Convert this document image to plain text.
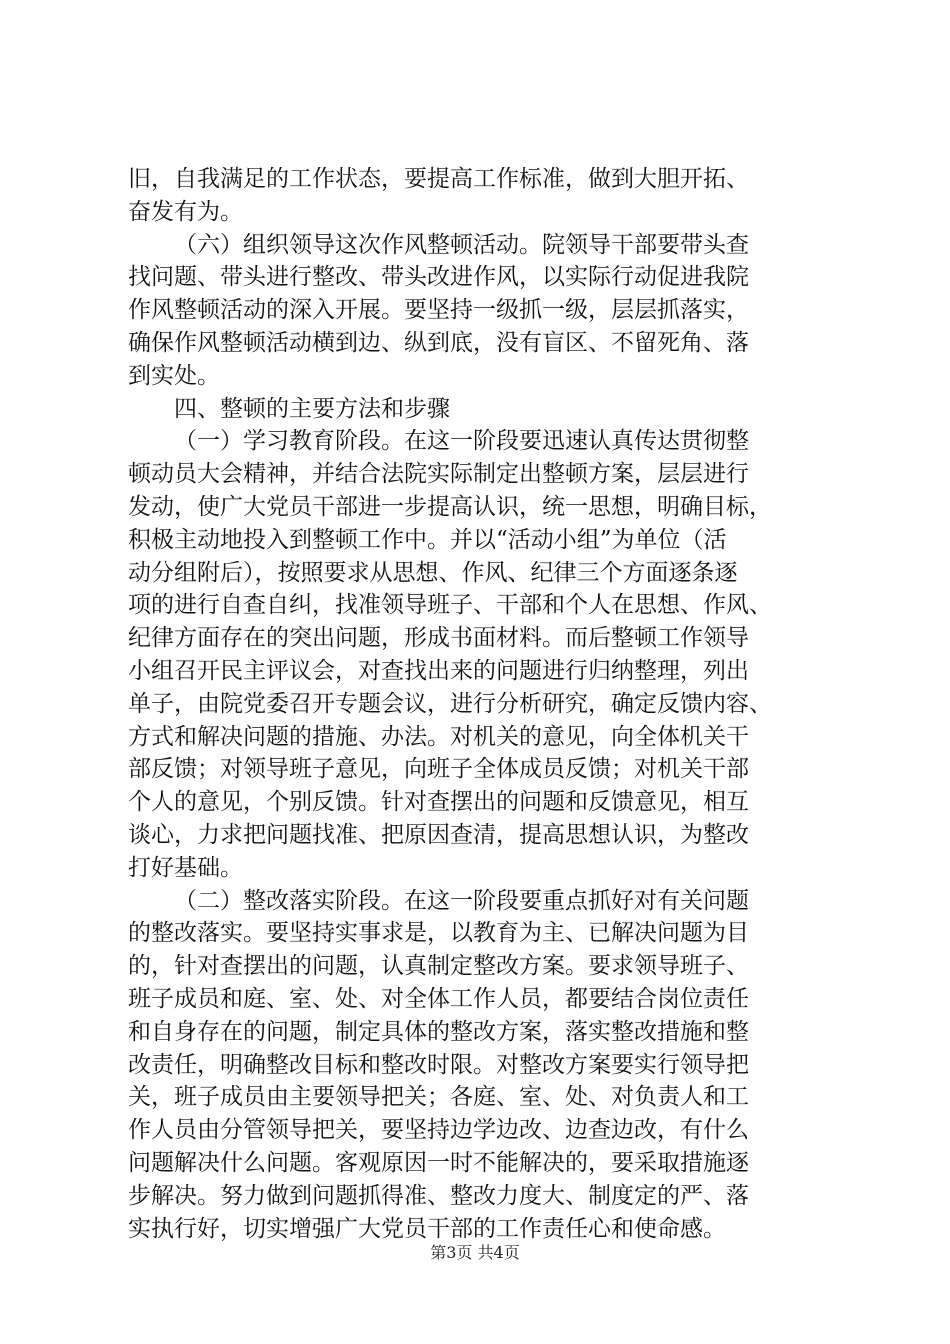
旧，自我满足的工作状态，要提高工作标准，做到大胆开拓、
奋发有为。
（六）组织领导这次作风整顿活动。院领导干部要带头查
找问题、带头进行整改、带头改进作风，以实际行动促进我院
作风整顿活动的深入开展。要坚持一级抓一级，层层抓落实，
确保作风整顿活动横到边、纵到底，没有盲区、不留死角、落
到实处。
四、整顿的主要方法和步骤
（一）学习教育阶段。在这一阶段要迅速认真传达贯彻整
顿动员大会精神，并结合法院实际制定出整顿方案，层层进行
发动，使广大党员干部进一步提高认识，统一思想，明确目标，
积极主动地投入到整顿工作中。并以“活动小组”为单位（活
动分组附后），按照要求从思想、作风、纪律三个方面逐条逐
项的进行自查自纠，找准领导班子、干部和个人在思想、作风、
纪律方面存在的突出问题，形成书面材料。而后整顿工作领导
小组召开民主评议会，对查找出来的问题进行归纳整理，列出
单子，由院党委召开专题会议，进行分析研究，确定反馈内容、
方式和解决问题的措施、办法。对机关的意见，向全体机关干
部反馈；对领导班子意见，向班子全体成员反馈；对机关干部
个人的意见，个别反馈。针对查摆出的问题和反馈意见，相互
谈心，力求把问题找准、把原因查清，提高思想认识，为整改
打好基础。
（二）整改落实阶段。在这一阶段要重点抓好对有关问题
的整改落实。要坚持实事求是，以教育为主、已解决问题为目
的，针对查摆出的问题，认真制定整改方案。要求领导班子、
班子成员和庭、室、处、对全体工作人员，都要结合岗位责任
和自身存在的问题，制定具体的整改方案，落实整改措施和整
改责任，明确整改目标和整改时限。对整改方案要实行领导把
关，班子成员由主要领导把关；各庭、室、处、对负责人和工
作人员由分管领导把关，要坚持边学边改、边查边改，有什么
问题解决什么问题。客观原因一时不能解决的，要采取措施逐
步解决。努力做到问题抓得准、整改力度大、制度定的严、落
实执行好，切实增强广大党员干部的工作责任心和使命感。
第3页 共4页
